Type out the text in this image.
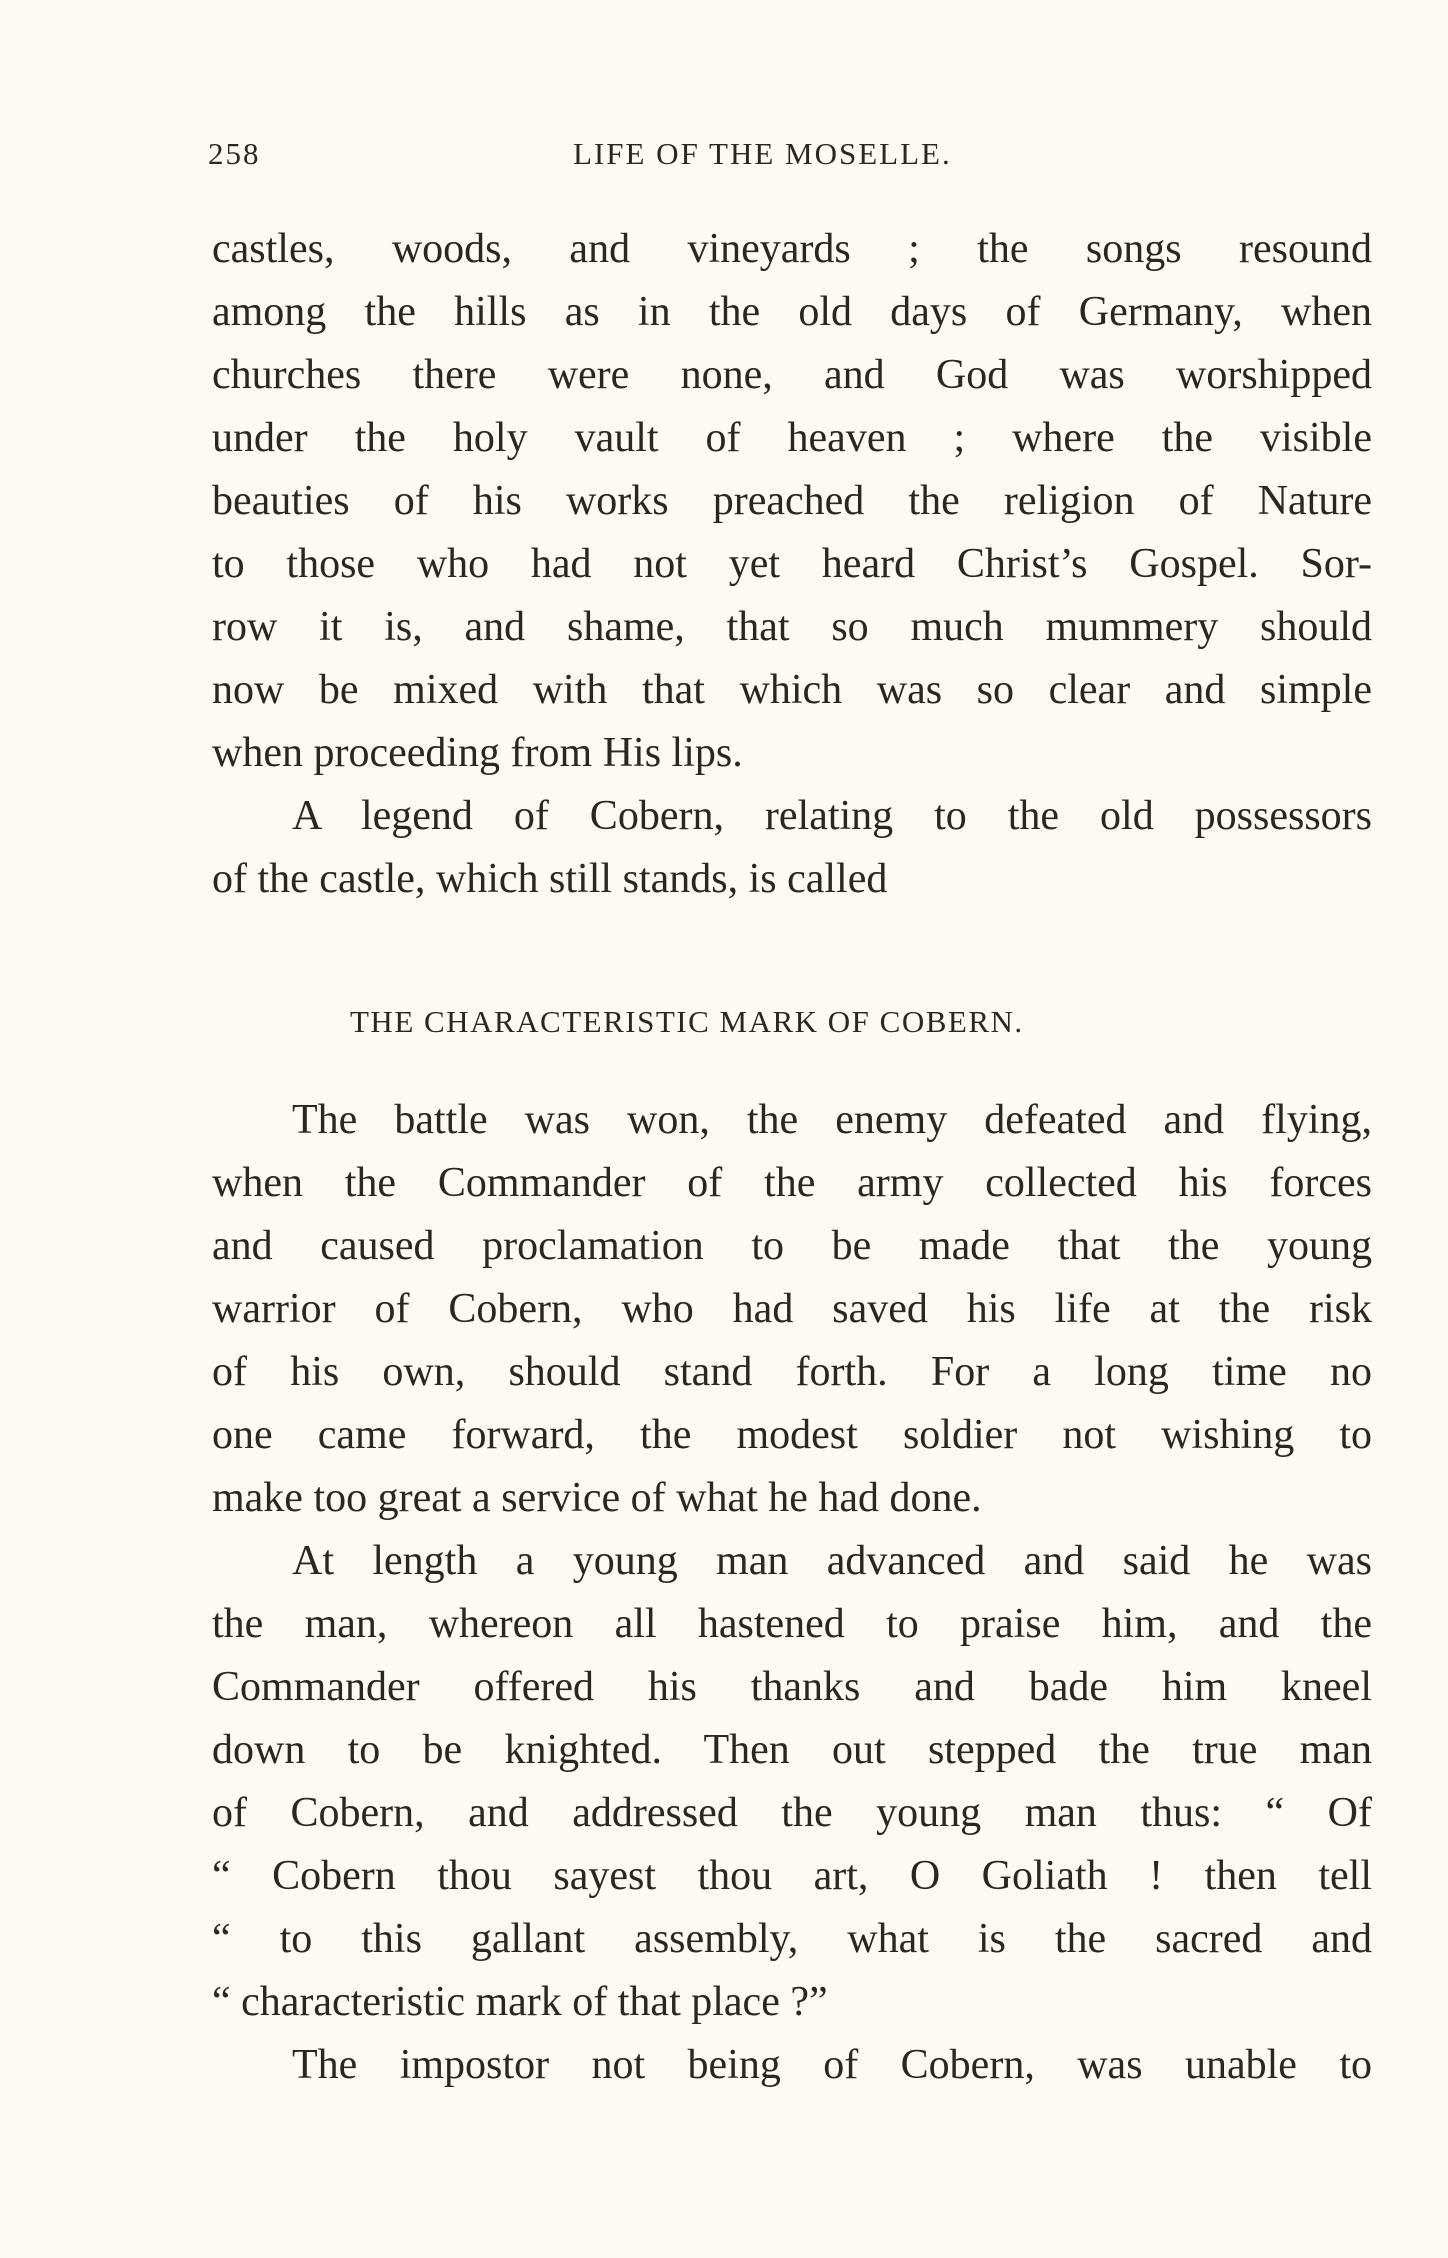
258	LIFE OF THE MOSELLE.
castles, woods, and vineyards ; the songs resound
among the hills as in the old days of Germany, when
churches there were none, and God was worshipped
under the holy vault of heaven ; where the visible
beauties of his works preached the religion of Nature
to those who had not yet heard Christ’s Gospel. Sor-
row it is, and shame, that so much mummery should
now be mixed with that which was so clear and simple
when proceeding from His lips.
A legend of Cobern, relating to the old possessors
of the castle, which still stands, is called
THE CHARACTERISTIC MARK OF COBERN.
The battle was won, the enemy defeated and flying,
when the Commander of the army collected his forces
and caused proclamation to be made that the young
warrior of Cobern, who had saved his life at the risk
of his own, should stand forth. For a long time no
one came forward, the modest soldier not wishing to
make too great a service of what he had done.
At length a young man advanced and said he was
the man, whereon all hastened to praise him, and the
Commander offered his thanks and bade him kneel
down to be knighted. Then out stepped the true man
of Cobern, and addressed the young man thus: “ Of
“ Cobern thou sayest thou art, O Goliath ! then tell
“ to this gallant assembly, what is the sacred and
“ characteristic mark of that place ?”
The impostor not being of Cobern, was unable to
